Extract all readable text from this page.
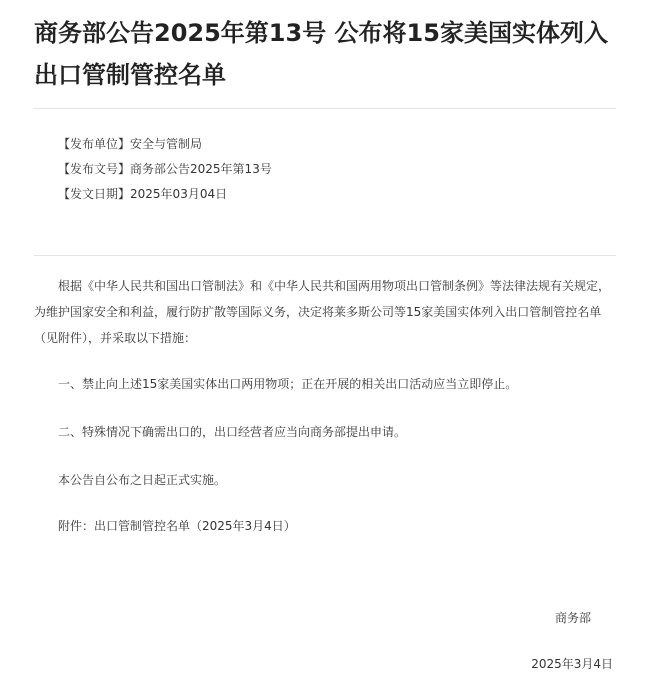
商务部公告2025年第13号 公布将15家美国实体列入出口管制管控名单
【发布单位】安全与管制局
【发布文号】商务部公告2025年第13号
【发文日期】2025年03月04日

根据《中华人民共和国出口管制法》和《中华人民共和国两用物项出口管制条例》等法律法规有关规定，为维护国家安全和利益，履行防扩散等国际义务，决定将莱多斯公司等15家美国实体列入出口管制管控名单（见附件），并采取以下措施：

一、禁止向上述15家美国实体出口两用物项；正在开展的相关出口活动应当立即停止。

二、特殊情况下确需出口的，出口经营者应当向商务部提出申请。

本公告自公布之日起正式实施。

附件：出口管制管控名单（2025年3月4日）

商务部
2025年3月4日
